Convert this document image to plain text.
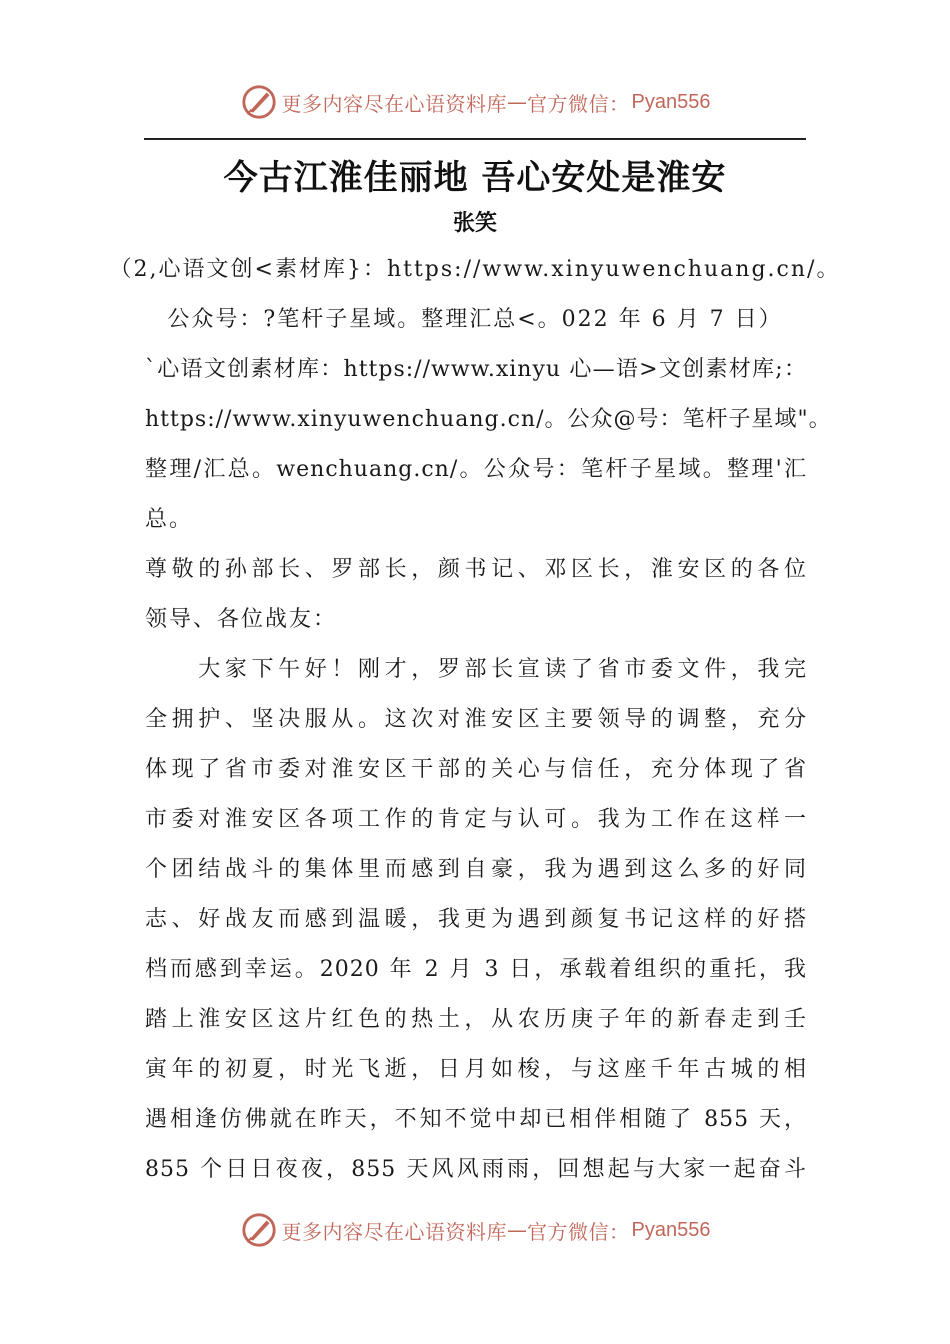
更多内容尽在心语资料库 — 官方微信： Pyan556
今古江淮佳丽地 吾心安处是淮安
张笑
（2,心语文创<素材库}：https://www.xinyuwenchuang.cn/。
公众号：?笔杆子星域。整理汇总<。022 年 6 月 7 日）
`心语文创素材库：https://www.xinyu 心—语>文创素材库;：
https://www.xinyuwenchuang.cn/。公众@号：笔杆子星域"。
整理/汇总。wenchuang.cn/。公众号：笔杆子星域。整理'汇
总。
尊敬的孙部长、罗部长，颜书记、邓区长，淮安区的各位
领导、各位战友：
　　大家下午好！刚才，罗部长宣读了省市委文件，我完
全拥护、坚决服从。这次对淮安区主要领导的调整，充分
体现了省市委对淮安区干部的关心与信任，充分体现了省
市委对淮安区各项工作的肯定与认可。我为工作在这样一
个团结战斗的集体里而感到自豪，我为遇到这么多的好同
志、好战友而感到温暖，我更为遇到颜复书记这样的好搭
档而感到幸运。2020 年 2 月 3 日，承载着组织的重托，我
踏上淮安区这片红色的热土，从农历庚子年的新春走到壬
寅年的初夏，时光飞逝，日月如梭，与这座千年古城的相
遇相逢仿佛就在昨天，不知不觉中却已相伴相随了 855 天，
855 个日日夜夜，855 天风风雨雨，回想起与大家一起奋斗
更多内容尽在心语资料库 — 官方微信： Pyan556
